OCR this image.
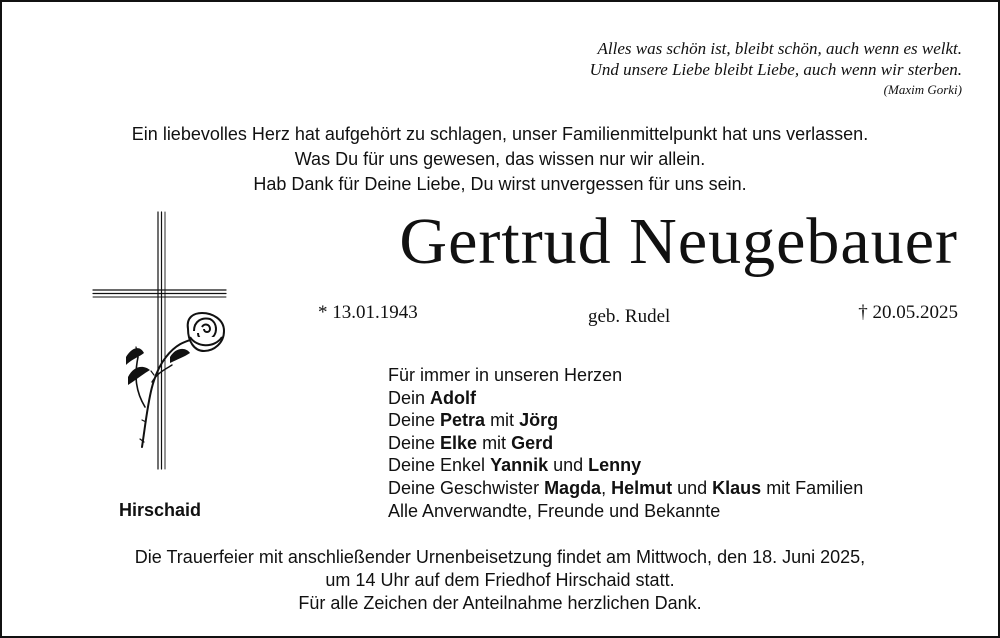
Alles was schön ist, bleibt schön, auch wenn es welkt.
Und unsere Liebe bleibt Liebe, auch wenn wir sterben.
(Maxim Gorki)
Ein liebevolles Herz hat aufgehört zu schlagen, unser Familienmittelpunkt hat uns verlassen.
Was Du für uns gewesen, das wissen nur wir allein.
Hab Dank für Deine Liebe, Du wirst unvergessen für uns sein.
Gertrud Neugebauer
* 13.01.1943	geb. Rudel	† 20.05.2025
Hirschaid
Für immer in unseren Herzen
Dein Adolf
Deine Petra mit Jörg
Deine Elke mit Gerd
Deine Enkel Yannik und Lenny
Deine Geschwister Magda, Helmut und Klaus mit Familien
Alle Anverwandte, Freunde und Bekannte
Die Trauerfeier mit anschließender Urnenbeisetzung findet am Mittwoch, den 18. Juni 2025,
um 14 Uhr auf dem Friedhof Hirschaid statt.
Für alle Zeichen der Anteilnahme herzlichen Dank.
